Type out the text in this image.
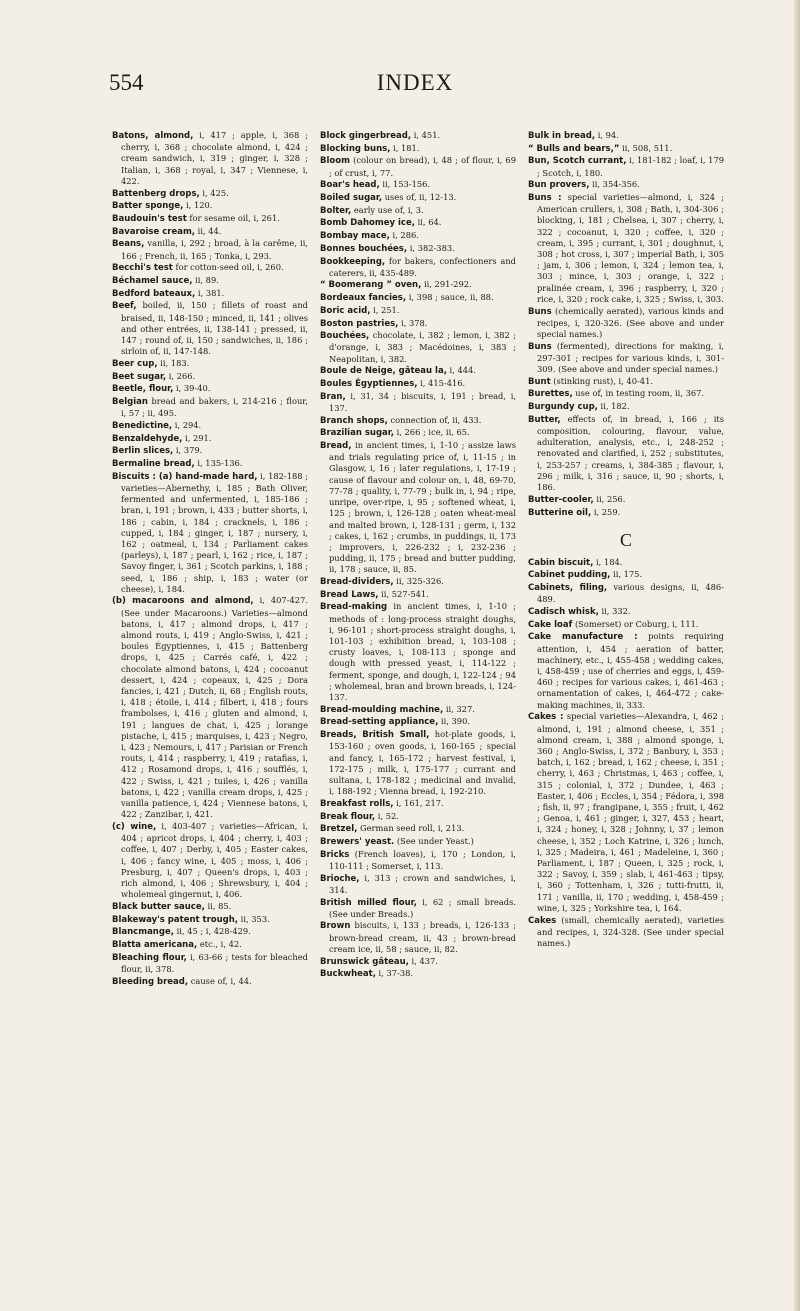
554	INDEX
Batons, almond, i, 417 ; apple, i, 368 ; cherry, i, 368 ; chocolate almond, i, 424 ; cream sandwich, i, 319 ; ginger, i, 328 ; Italian, i, 368 ; royal, i, 347 ; Viennese, i, 422.
Battenberg drops, i, 425.
Batter sponge, i, 120.
Baudouin's test for sesame oil, i, 261.
Bavaroise cream, ii, 44.
Beans, vanilla, i, 292 ; broad, à la carême, ii, 166 ; French, ii, 165 ; Tonka, i, 293.
Becchi's test for cotton-seed oil, i, 260.
Béchamel sauce, ii, 89.
Bedford bateaux, i, 381.
Beef, boiled, ii, 150 ; fillets of roast and braised, ii, 148-150 ; minced, ii, 141 ; olives and other entrées, ii, 138-141 ; pressed, ii, 147 ; round of, ii, 150 ; sandwiches, ii, 186 ; sirloin of, ii, 147-148.
Beer cup, ii, 183.
Beet sugar, i, 266.
Beetle, flour, i, 39-40.
Belgian bread and bakers, i, 214-216 ; flour, i, 57 ; ii, 495.
Benedictine, i, 294.
Benzaldehyde, i, 291.
Berlin slices, i, 379.
Bermaline bread, i, 135-136.
Biscuits : (a) hand-made hard, i, 182-188 ; varieties—Abernethy, i, 185 ; Bath Oliver, fermented and unfermented, i, 185-186 ; bran, i, 191 ; brown, i, 433 ; butter shorts, i, 186 ; cabin, i, 184 ; cracknels, i, 186 ; cupped, i, 184 ; ginger, i, 187 ; nursery, i, 162 ; oatmeal, i, 134 ; Parliament cakes (parleys), i, 187 ; pearl, i, 162 ; rice, i, 187 ; Savoy finger, i, 361 ; Scotch parkins, i, 188 ; seed, i, 186 ; ship, i, 183 ; water (or cheese), i, 184.
(b) macaroons and almond, i, 407-427. (See under Macaroons.) Varieties—almond batons, i, 417 ; almond drops, i, 417 ; almond routs, i, 419 ; Anglo-Swiss, i, 421 ; boules Égyptiennes, i, 415 ; Battenberg drops, i, 425 ; Carrés café, i, 422 ; chocolate almond batons, i, 424 ; cocoanut dessert, i, 424 ; copeaux, i, 425 ; Dora fancies, i, 421 ; Dutch, ii, 68 ; English routs, i, 418 ; étoile, i, 414 ; filbert, i, 418 ; fours frambolses, i, 416 ; gluten and almond, i, 191 ; langues de chat, i, 425 ; lorange pistache, i, 415 ; marquises, i, 423 ; Negro, i, 423 ; Nemours, i, 417 ; Parisian or French routs, i, 414 ; raspberry, i, 419 ; ratafias, i, 412 ; Rosamond drops, i, 416 ; soufflés, i, 422 ; Swiss, i, 421 ; tuiles, i, 426 ; vanilla batons, i, 422 ; vanilla cream drops, i, 425 ; vanilla patience, i, 424 ; Viennese batons, i, 422 ; Zanzibar, i, 421.
(c) wine, i, 403-407 ; varieties—African, i, 404 ; apricot drops, i, 404 ; cherry, i, 403 ; coffee, i, 407 ; Derby, i, 405 ; Easter cakes, i, 406 ; fancy wine, i, 405 ; moss, i, 406 ; Presburg, i, 407 ; Queen's drops, i, 403 ; rich almond, i, 406 ; Shrewsbury, i, 404 ; wholemeal gingernut, i, 406.
Black butter sauce, ii, 85.
Blakeway's patent trough, ii, 353.
Blancmange, ii, 45 ; i, 428-429.
Blatta americana, etc., i, 42.
Bleaching flour, i, 63-66 ; tests for bleached flour, ii, 378.
Bleeding bread, cause of, i, 44.
Block gingerbread, i, 451.
Blocking buns, i, 181.
Bloom (colour on bread), i, 48 ; of flour, i, 69 ; of crust, i, 77.
Boar's head, ii, 153-156.
Boiled sugar, uses of, ii, 12-13.
Bolter, early use of, i, 3.
Bomb Dahomey ice, ii, 64.
Bombay mace, i, 286.
Bonnes bouchées, i, 382-383.
Bookkeeping, for bakers, confectioners and caterers, ii, 435-489.
“ Boomerang ” oven, ii, 291-292.
Bordeaux fancies, i, 398 ; sauce, ii, 88.
Boric acid, i, 251.
Boston pastries, i, 378.
Bouchées, chocolate, i, 382 ; lemon, i, 382 ; d'orange, i, 383 ; Macédoines, i, 383 ; Neapolitan, i, 382.
Boule de Neige, gâteau la, i, 444.
Boules Égyptiennes, i, 415-416.
Bran, i, 31, 34 ; biscuits, i, 191 ; bread, i, 137.
Branch shops, connection of, ii, 433.
Brazilian sugar, i, 266 ; ice, ii, 65.
Bread, in ancient times, i, 1-10 ; assize laws and trials regulating price of, i, 11-15 ; in Glasgow, i, 16 ; later regulations, i, 17-19 ; cause of flavour and colour on, i, 48, 69-70, 77-78 ; quality, i, 77-79 ; bulk in, i, 94 ; ripe, unripe, over-ripe, i, 95 ; softened wheat, i, 125 ; brown, i, 126-128 ; oaten wheat-meal and malted brown, i, 128-131 ; germ, i, 132 ; cakes, i, 162 ; crumbs, in puddings, ii, 173 ; improvers, i, 226-232 ; i, 232-236 ; pudding, ii, 175 ; bread and butter pudding, ii, 178 ; sauce, ii, 85.
Bread-dividers, ii, 325-326.
Bread Laws, ii, 527-541.
Bread-making in ancient times, i, 1-10 ; methods of : long-process straight doughs, i, 96-101 ; short-process straight doughs, i, 101-103 ; exhibition bread, i, 103-108 ; crusty loaves, i, 108-113 ; sponge and dough with pressed yeast, i, 114-122 ; ferment, sponge, and dough, i, 122-124 ; 94 ; wholemeal, bran and brown breads, i, 124-137.
Bread-moulding machine, ii, 327.
Bread-setting appliance, ii, 390.
Breads, British Small, hot-plate goods, i, 153-160 ; oven goods, i, 160-165 ; special and fancy, i, 165-172 ; harvest festival, i, 172-175 ; milk, i, 175-177 ; currant and sultana, i, 178-182 ; medicinal and invalid, i, 188-192 ; Vienna bread, i, 192-210.
Breakfast rolls, i, 161, 217.
Break flour, i, 52.
Bretzel, German seed roll, i, 213.
Brewers' yeast. (See under Yeast.)
Bricks (French loaves), i, 170 ; London, i, 110-111 ; Somerset, i, 113.
Brioche, i, 313 ; crown and sandwiches, i, 314.
British milled flour, i, 62 ; small breads. (See under Breads.)
Brown biscuits, i, 133 ; breads, i, 126-133 ; brown-bread cream, ii, 43 ; brown-bread cream ice, ii, 58 ; sauce, ii, 82.
Brunswick gâteau, i, 437.
Buckwheat, i, 37-38.
Bulk in bread, i, 94.
“ Bulls and bears,” ii, 508, 511.
Bun, Scotch currant, i, 181-182 ; loaf, i, 179 ; Scotch, i, 180.
Bun provers, ii, 354-356.
Buns : special varieties—almond, i, 324 ; American crullers, i, 308 ; Bath, i, 304-306 ; blocking, i, 181 ; Chelsea, i, 307 ; cherry, i, 322 ; cocoanut, i, 320 ; coffee, i, 320 ; cream, i, 395 ; currant, i, 301 ; doughnut, i, 308 ; hot cross, i, 307 ; imperial Bath, i, 305 ; jam, i, 306 ; lemon, i, 324 ; lemon tea, i, 303 ; mince, i, 303 ; orange, i, 322 ; pralinée cream, i, 396 ; raspberry, i, 320 ; rice, i, 320 ; rock cake, i, 325 ; Swiss, i, 303.
Buns (chemically aerated), various kinds and recipes, i, 320-326. (See above and under special names.)
Buns (fermented), directions for making, i, 297-301 ; recipes for various kinds, i, 301-309. (See above and under special names.)
Bunt (stinking rust), i, 40-41.
Burettes, use of, in testing room, ii, 367.
Burgundy cup, ii, 182.
Butter, effects of, in bread, i, 166 ; its composition, colouring, flavour, value, adulteration, analysis, etc., i, 248-252 ; renovated and clarified, i, 252 ; substitutes, i, 253-257 ; creams, i, 384-385 ; flavour, i, 296 ; milk, i, 316 ; sauce, ii, 90 ; shorts, i, 186.
Butter-cooler, ii, 256.
Butterine oil, i, 259.
C
Cabin biscuit, i, 184.
Cabinet pudding, ii, 175.
Cabinets, filing, various designs, ii, 486-489.
Cadisch whisk, ii, 332.
Cake loaf (Somerset) or Coburg, i, 111.
Cake manufacture : points requiring attention, i, 454 ; aeration of batter, machinery, etc., i, 455-458 ; wedding cakes, i, 458-459 ; use of cherries and eggs, i, 459-460 ; recipes for various cakes, i, 461-463 ; ornamentation of cakes, i, 464-472 ; cake-making machines, ii, 333.
Cakes : special varieties—Alexandra, i, 462 ; almond, i, 191 ; almond cheese, i, 351 ; almond cream, i, 388 ; almond sponge, i, 360 ; Anglo-Swiss, i, 372 ; Banbury, i, 353 ; batch, i, 162 ; bread, i, 162 ; cheese, i, 351 ; cherry, i, 463 ; Christmas, i, 463 ; coffee, i, 315 ; colonial, i, 372 ; Dundee, i, 463 ; Easter, i, 406 ; Eccles, i, 354 ; Fédora, i, 398 ; fish, ii, 97 ; frangipane, i, 355 ; fruit, i, 462 ; Genoa, i, 461 ; ginger, i, 327, 453 ; heart, i, 324 ; honey, i, 328 ; Johnny, i, 37 ; lemon cheese, i, 352 ; Loch Katrine, i, 326 ; lunch, i, 325 ; Madeira, i, 461 ; Madeleine, i, 360 ; Parliament, i, 187 ; Queen, i, 325 ; rock, i, 322 ; Savoy, i, 359 ; slab, i, 461-463 ; tipsy, i, 360 ; Tottenham, i, 326 ; tutti-frutti, ii, 171 ; vanilla, ii, 170 ; wedding, i, 458-459 ; wine, i, 325 ; Yorkshire tea, i, 164.
Cakes (small, chemically aerated), varieties and recipes, i, 324-328. (See under special names.)
